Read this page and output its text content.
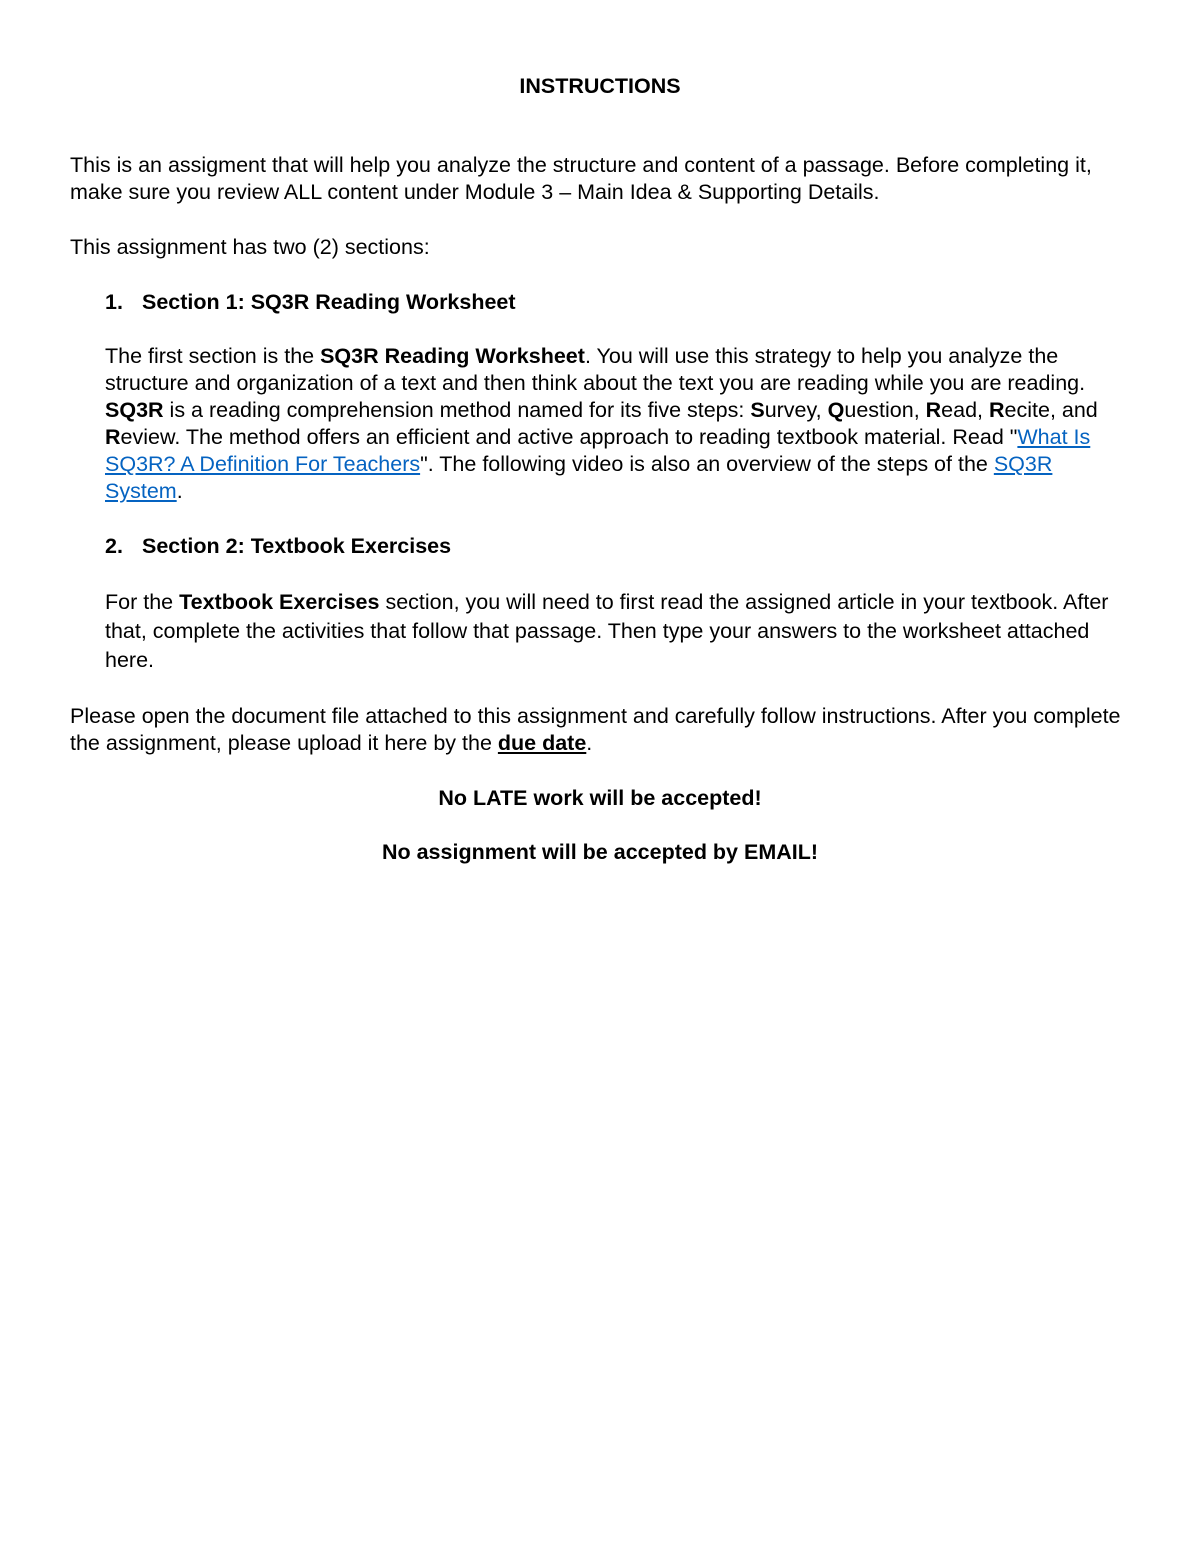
INSTRUCTIONS

This is an assigment that will help you analyze the structure and content of a passage. Before completing it, make sure you review ALL content under Module 3 – Main Idea & Supporting Details.

This assignment has two (2) sections:

1. Section 1: SQ3R Reading Worksheet

The first section is the SQ3R Reading Worksheet. You will use this strategy to help you analyze the structure and organization of a text and then think about the text you are reading while you are reading. SQ3R is a reading comprehension method named for its five steps: Survey, Question, Read, Recite, and Review. The method offers an efficient and active approach to reading textbook material. Read "What Is SQ3R? A Definition For Teachers". The following video is also an overview of the steps of the SQ3R System.

2. Section 2: Textbook Exercises

For the Textbook Exercises section, you will need to first read the assigned article in your textbook. After that, complete the activities that follow that passage. Then type your answers to the worksheet attached here.

Please open the document file attached to this assignment and carefully follow instructions. After you complete the assignment, please upload it here by the due date.

No LATE work will be accepted!

No assignment will be accepted by EMAIL!
